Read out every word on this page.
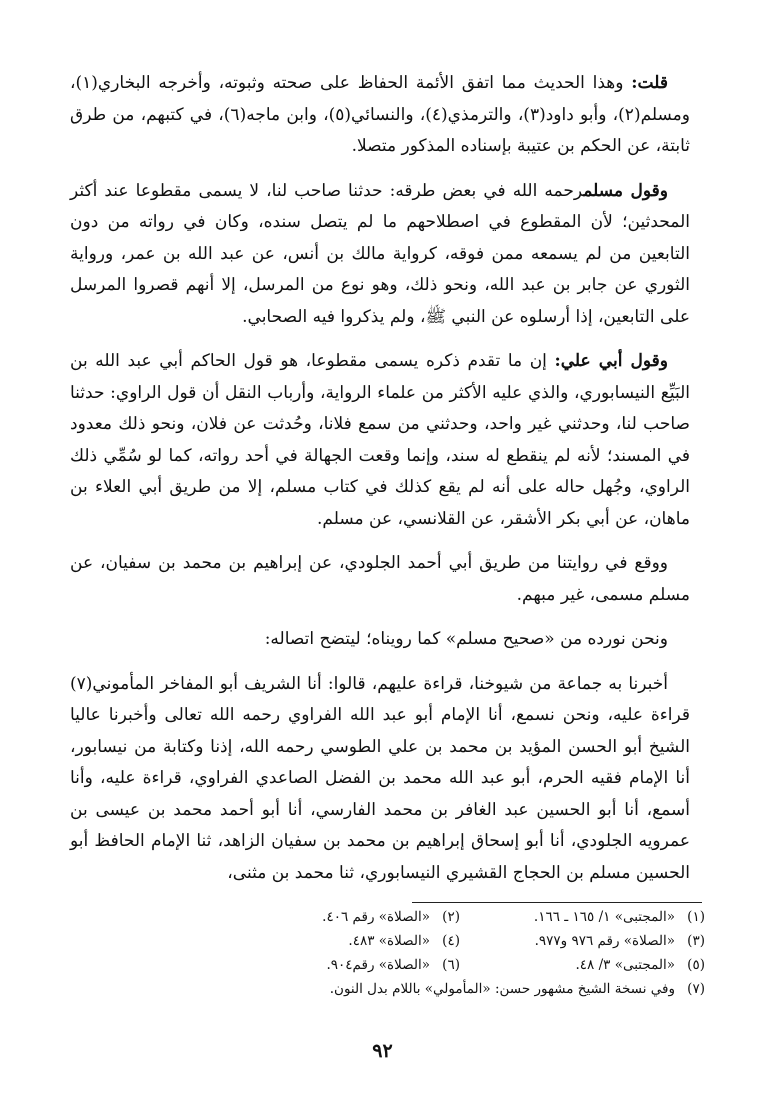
قلت: وهذا الحديث مما اتفق الأئمة الحفاظ على صحته وثبوته، وأخرجه البخاري(١)، ومسلم(٢)، وأبو داود(٣)، والترمذي(٤)، والنسائي(٥)، وابن ماجه(٦)، في كتبهم، من طرق ثابتة، عن الحكم بن عتيبة بإسناده المذكور متصلا.

وقول مسلمرحمه الله في بعض طرقه: حدثنا صاحب لنا، لا يسمى مقطوعا عند أكثر المحدثين؛ لأن المقطوع في اصطلاحهم ما لم يتصل سنده، وكان في رواته من دون التابعين من لم يسمعه ممن فوقه، كرواية مالك بن أنس، عن عبد الله بن عمر، ورواية الثوري عن جابر بن عبد الله، ونحو ذلك، وهو نوع من المرسل، إلا أنهم قصروا المرسل على التابعين، إذا أرسلوه عن النبي ﷺ، ولم يذكروا فيه الصحابي.

وقول أبي علي: إن ما تقدم ذكره يسمى مقطوعا، هو قول الحاكم أبي عبد الله بن البَيِّع النيسابوري، والذي عليه الأكثر من علماء الرواية، وأرباب النقل أن قول الراوي: حدثنا صاحب لنا، وحدثني غير واحد، وحدثني من سمع فلانا، وحُدثت عن فلان، ونحو ذلك معدود في المسند؛ لأنه لم ينقطع له سند، وإنما وقعت الجهالة في أحد رواته، كما لو سُمِّي ذلك الراوي، وجُهل حاله على أنه لم يقع كذلك في كتاب مسلم، إلا من طريق أبي العلاء بن ماهان، عن أبي بكر الأشقر، عن القلانسي، عن مسلم.

ووقع في روايتنا من طريق أبي أحمد الجلودي، عن إبراهيم بن محمد بن سفيان، عن مسلم مسمى، غير مبهم.

ونحن نورده من «صحيح مسلم» كما رويناه؛ ليتضح اتصاله:

أخبرنا به جماعة من شيوخنا، قراءة عليهم، قالوا: أنا الشريف أبو المفاخر المأموني(٧) قراءة عليه، ونحن نسمع، أنا الإمام أبو عبد الله الفراوي رحمه الله تعالى وأخبرنا عاليا الشيخ أبو الحسن المؤيد بن محمد بن علي الطوسي رحمه الله، إذنا وكتابة من نيسابور، أنا الإمام فقيه الحرم، أبو عبد الله محمد بن الفضل الصاعدي الفراوي، قراءة عليه، وأنا أسمع، أنا أبو الحسين عبد الغافر بن محمد الفارسي، أنا أبو أحمد محمد بن عيسى بن عمرويه الجلودي، أنا أبو إسحاق إبراهيم بن محمد بن سفيان الزاهد، ثنا الإمام الحافظ أبو الحسين مسلم بن الحجاج القشيري النيسابوري، ثنا محمد بن مثنى،

(١)
«المجتبى» ١/ ١٦٥ ـ ١٦٦.
(٢)
«الصلاة» رقم ٤٠٦.
(٣)
«الصلاة» رقم ٩٧٦ و٩٧٧.
(٤)
«الصلاة» ٤٨٣.
(٥)
«المجتبى» ٣/ ٤٨.
(٦)
«الصلاة» رقم٩٠٤.
(٧)
وفي نسخة الشيخ مشهور حسن: «المأمولي» باللام بدل النون.
٩٢
